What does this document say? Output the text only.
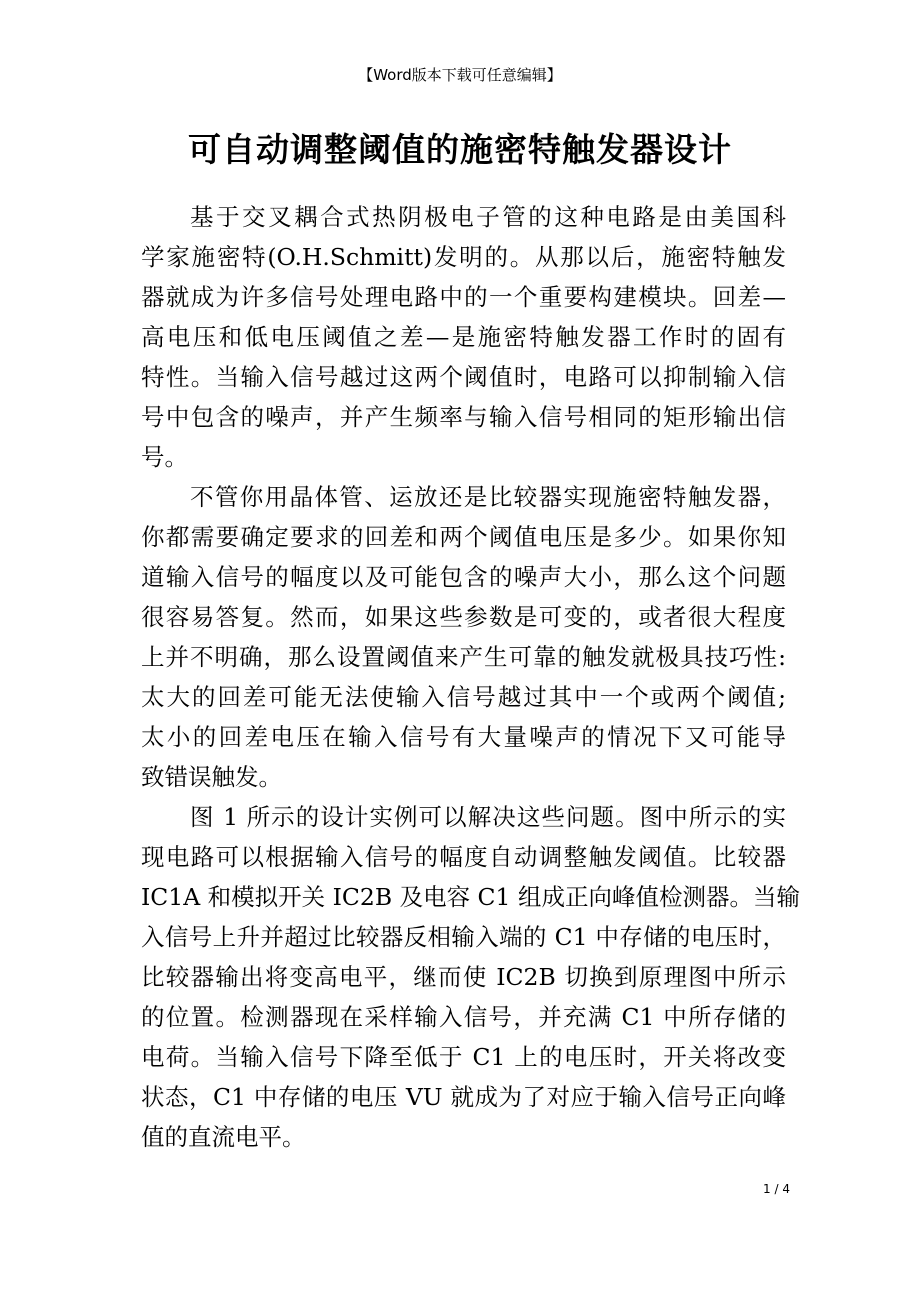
【Word版本下载可任意编辑】
可自动调整阈值的施密特触发器设计
基于交叉耦合式热阴极电子管的这种电路是由美国科
学家施密特(O.H.Schmitt)发明的。从那以后，施密特触发
器就成为许多信号处理电路中的一个重要构建模块。回差—
高电压和低电压阈值之差—是施密特触发器工作时的固有
特性。当输入信号越过这两个阈值时，电路可以抑制输入信
号中包含的噪声，并产生频率与输入信号相同的矩形输出信
号。
不管你用晶体管、运放还是比较器实现施密特触发器，
你都需要确定要求的回差和两个阈值电压是多少。如果你知
道输入信号的幅度以及可能包含的噪声大小，那么这个问题
很容易答复。然而，如果这些参数是可变的，或者很大程度
上并不明确，那么设置阈值来产生可靠的触发就极具技巧性:
太大的回差可能无法使输入信号越过其中一个或两个阈值;
太小的回差电压在输入信号有大量噪声的情况下又可能导
致错误触发。
图 1 所示的设计实例可以解决这些问题。图中所示的实
现电路可以根据输入信号的幅度自动调整触发阈值。比较器
IC1A 和模拟开关 IC2B 及电容 C1 组成正向峰值检测器。当输
入信号上升并超过比较器反相输入端的 C1 中存储的电压时，
比较器输出将变高电平，继而使 IC2B 切换到原理图中所示
的位置。检测器现在采样输入信号，并充满 C1 中所存储的
电荷。当输入信号下降至低于 C1 上的电压时，开关将改变
状态，C1 中存储的电压 VU 就成为了对应于输入信号正向峰
值的直流电平。
1 / 4
